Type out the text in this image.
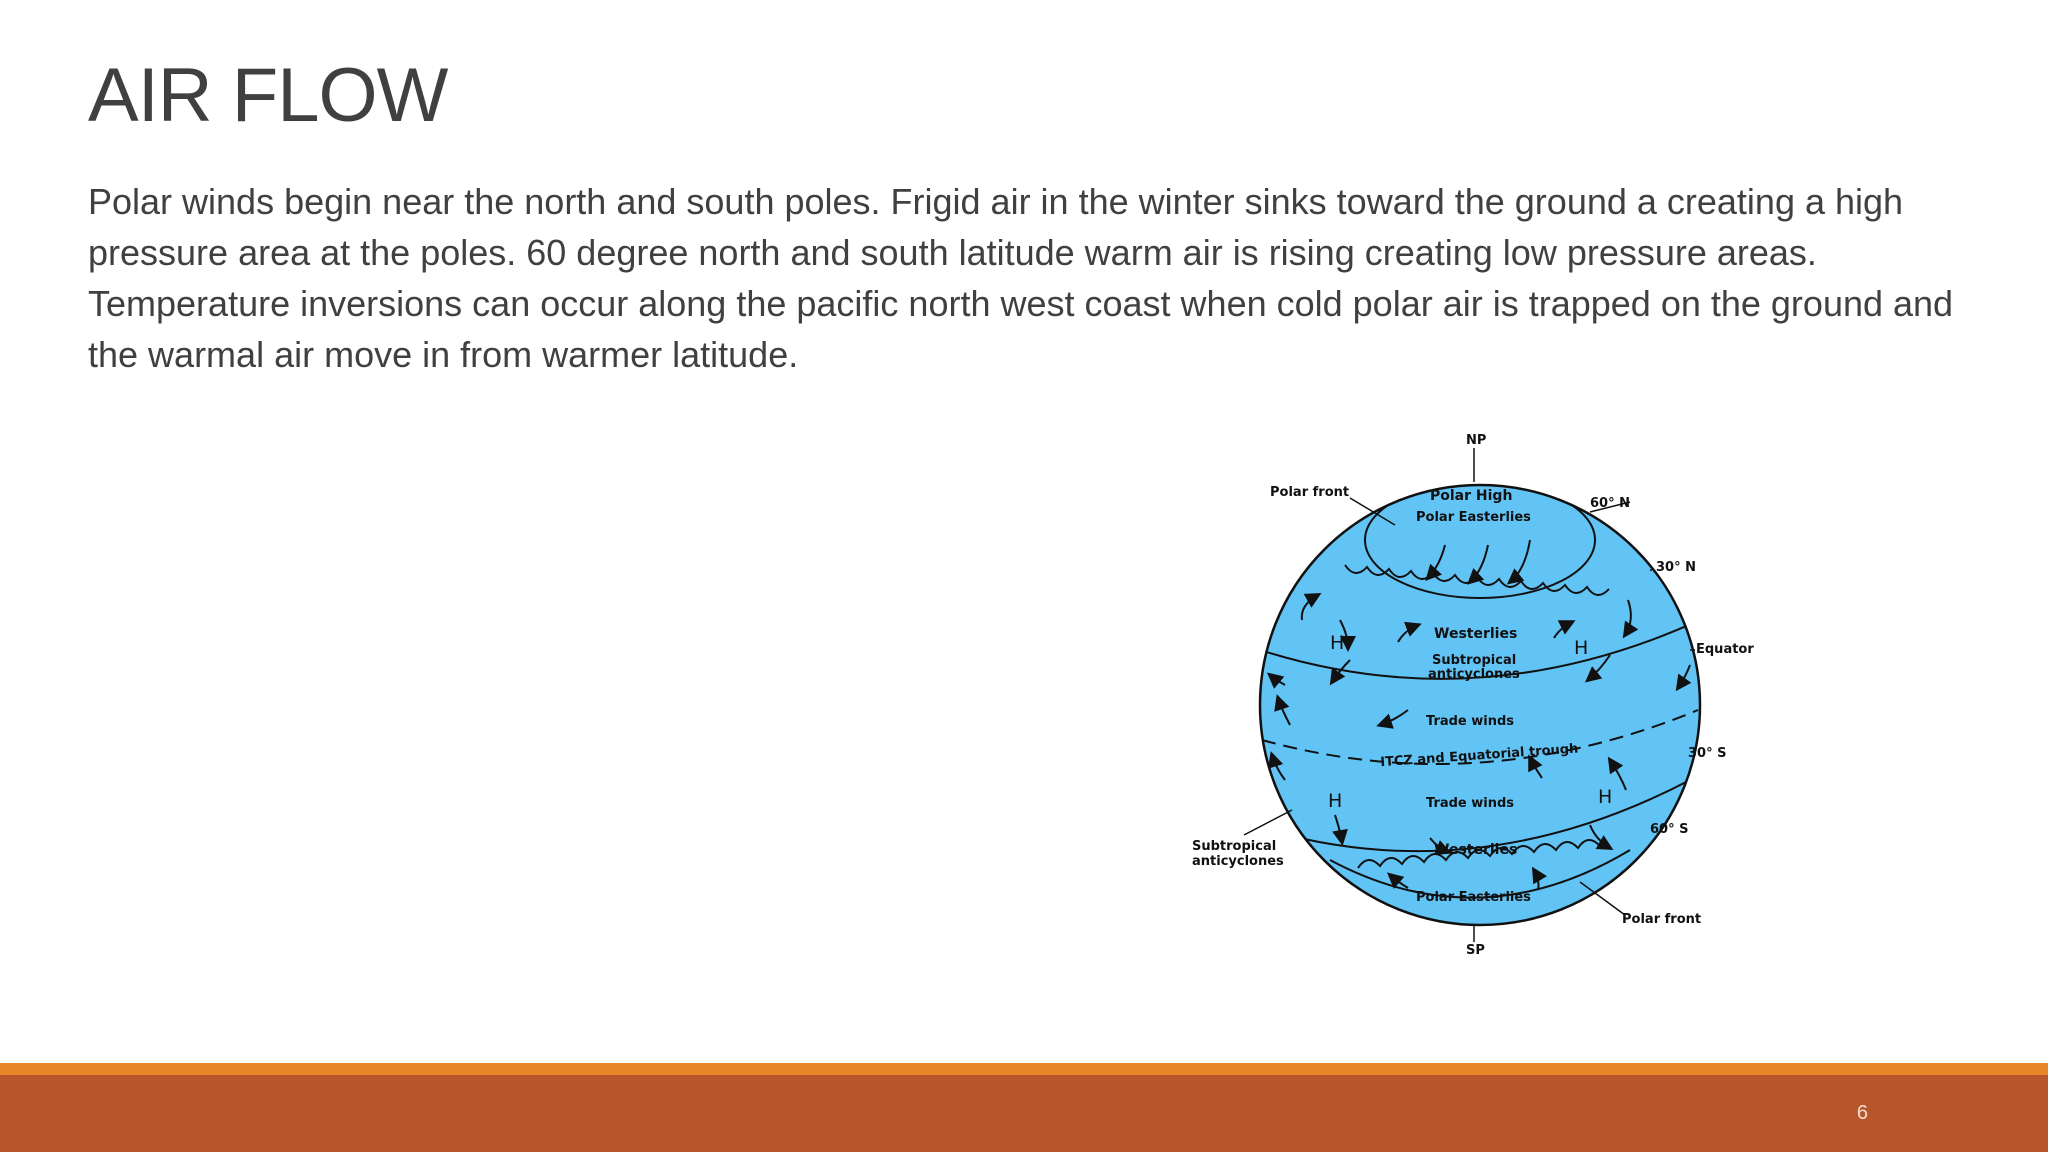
AIR FLOW

Polar winds begin near the north and south poles. Frigid air in the winter sinks toward the ground a creating a high pressure area at the poles. 60 degree north and south latitude warm air is rising creating low pressure areas. Temperature inversions can occur along the pacific north west coast when cold polar air is trapped on the ground and the warmal air move in from warmer latitude.

H	H
H	H
NP
Polar front	Polar High
Polar Easterlies
60° N
30° N
Westerlies
Subtropical
anticyclones
Equator
Trade winds
ITCZ and Equatorial trough	30° S
Trade winds
60° S
Westerlies
Subtropical
anticyclones
Polar Easterlies
Polar front
SP
6
